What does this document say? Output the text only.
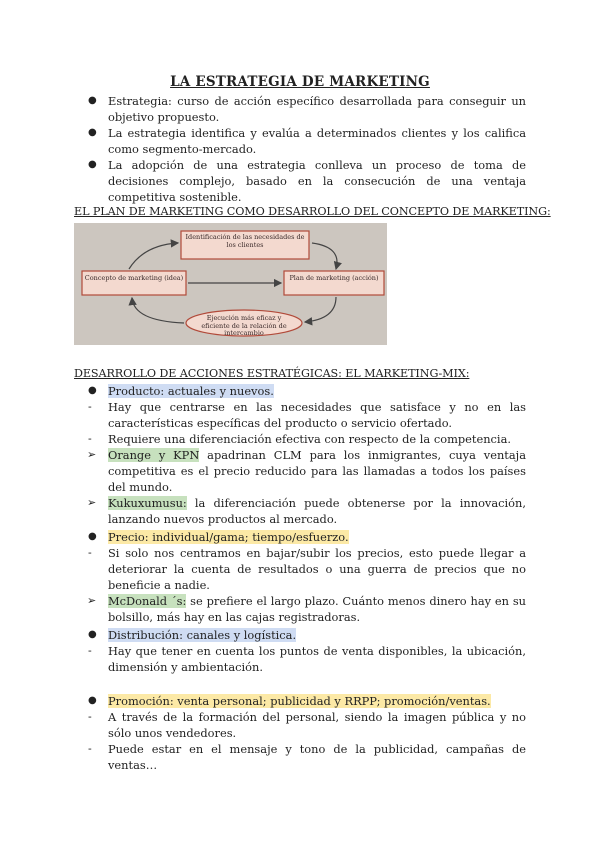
LA ESTRATEGIA DE MARKETING
● Estrategia: curso de acción específico desarrollada para conseguir un objetivo propuesto.
● La estrategia identifica y evalúa a determinados clientes y los califica como segmento-mercado.
● La adopción de una estrategia conlleva un proceso de toma de decisiones complejo, basado en la consecución de una ventaja competitiva sostenible.
EL PLAN DE MARKETING COMO DESARROLLO DEL CONCEPTO DE MARKETING:
Identificación de las necesidades de los clientes
Concepto de marketing (idea)	Plan de marketing (acción)
Ejecución más eficaz y eficiente de la relación de intercambio
DESARROLLO DE ACCIONES ESTRATÉGICAS: EL MARKETING-MIX:
● Producto: actuales y nuevos.
- Hay que centrarse en las necesidades que satisface y no en las características específicas del producto o servicio ofertado.
- Requiere una diferenciación efectiva con respecto de la competencia.
➢ Orange y KPN apadrinan CLM para los inmigrantes, cuya ventaja competitiva es el precio reducido para las llamadas a todos los países del mundo.
➢ Kukuxumusu: la diferenciación puede obtenerse por la innovación, lanzando nuevos productos al mercado.
● Precio: individual/gama; tiempo/esfuerzo.
- Si solo nos centramos en bajar/subir los precios, esto puede llegar a deteriorar la cuenta de resultados o una guerra de precios que no beneficie a nadie.
➢ McDonald ´s: se prefiere el largo plazo. Cuánto menos dinero hay en su bolsillo, más hay en las cajas registradoras.
● Distribución: canales y logística.
- Hay que tener en cuenta los puntos de venta disponibles, la ubicación, dimensión y ambientación.
● Promoción: venta personal; publicidad y RRPP; promoción/ventas.
- A través de la formación del personal, siendo la imagen pública y no sólo unos vendedores.
- Puede estar en el mensaje y tono de la publicidad, campañas de ventas…
